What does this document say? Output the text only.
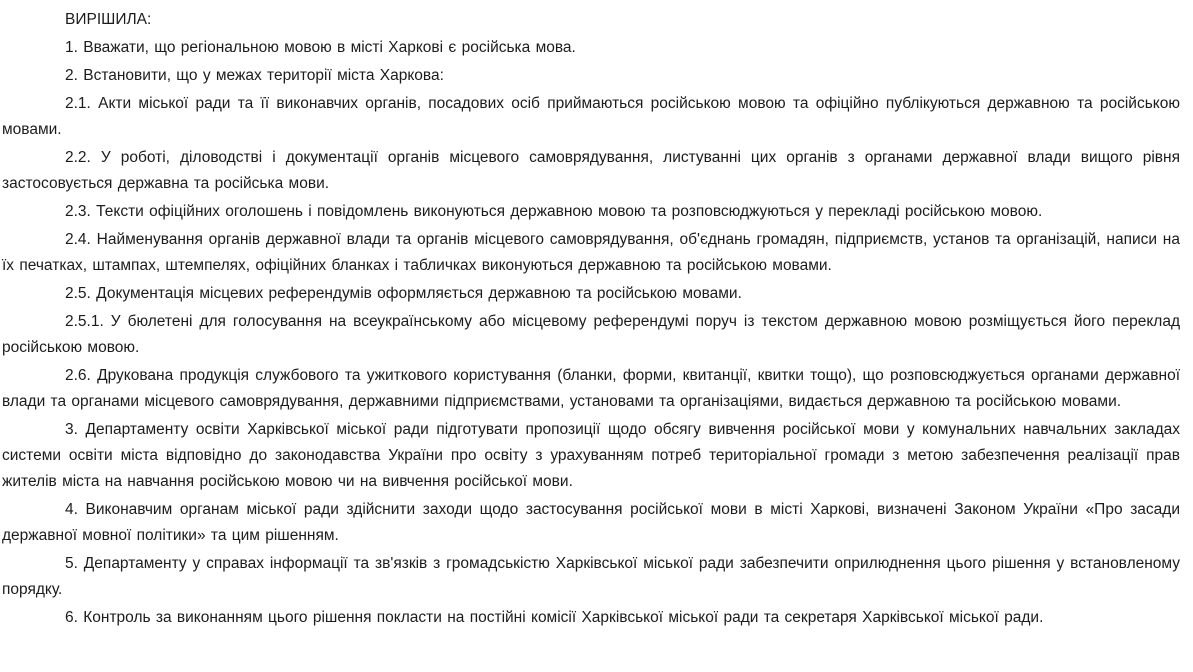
ВИРІШИЛА:

1. Вважати, що регіональною мовою в місті Харкові є російська мова.

2. Встановити, що у межах території міста Харкова:

2.1. Акти міської ради та її виконавчих органів, посадових осіб приймаються російською мовою та офіційно публікуються державною та російською мовами.

2.2. У роботі, діловодстві і документації органів місцевого самоврядування, листуванні цих органів з органами державної влади вищого рівня застосовується державна та російська мови.

2.3. Тексти офіційних оголошень і повідомлень виконуються державною мовою та розповсюджуються у перекладі російською мовою.

2.4. Найменування органів державної влади та органів місцевого самоврядування, об'єднань громадян, підприємств, установ та організацій, написи на їх печатках, штампах, штемпелях, офіційних бланках і табличках виконуються державною та російською мовами.

2.5. Документація місцевих референдумів оформляється державною та російською мовами.

2.5.1. У бюлетені для голосування на всеукраїнському або місцевому референдумі поруч із текстом державною мовою розміщується його переклад російською мовою.

2.6. Друкована продукція службового та ужиткового користування (бланки, форми, квитанції, квитки тощо), що розповсюджується органами державної влади та органами місцевого самоврядування, державними підприємствами, установами та організаціями, видається державною та російською мовами.

3. Департаменту освіти Харківської міської ради підготувати пропозиції щодо обсягу вивчення російської мови у комунальних навчальних закладах системи освіти міста відповідно до законодавства України про освіту з урахуванням потреб територіальної громади з метою забезпечення реалізації прав жителів міста на навчання російською мовою чи на вивчення російської мови.

4. Виконавчим органам міської ради здійснити заходи щодо застосування російської мови в місті Харкові, визначені Законом України «Про засади державної мовної політики» та цим рішенням.

5. Департаменту у справах інформації та зв'язків з громадськістю Харківської міської ради забезпечити оприлюднення цього рішення у встановленому порядку.

6. Контроль за виконанням цього рішення покласти на постійні комісії Харківської міської ради та секретаря Харківської міської ради.
